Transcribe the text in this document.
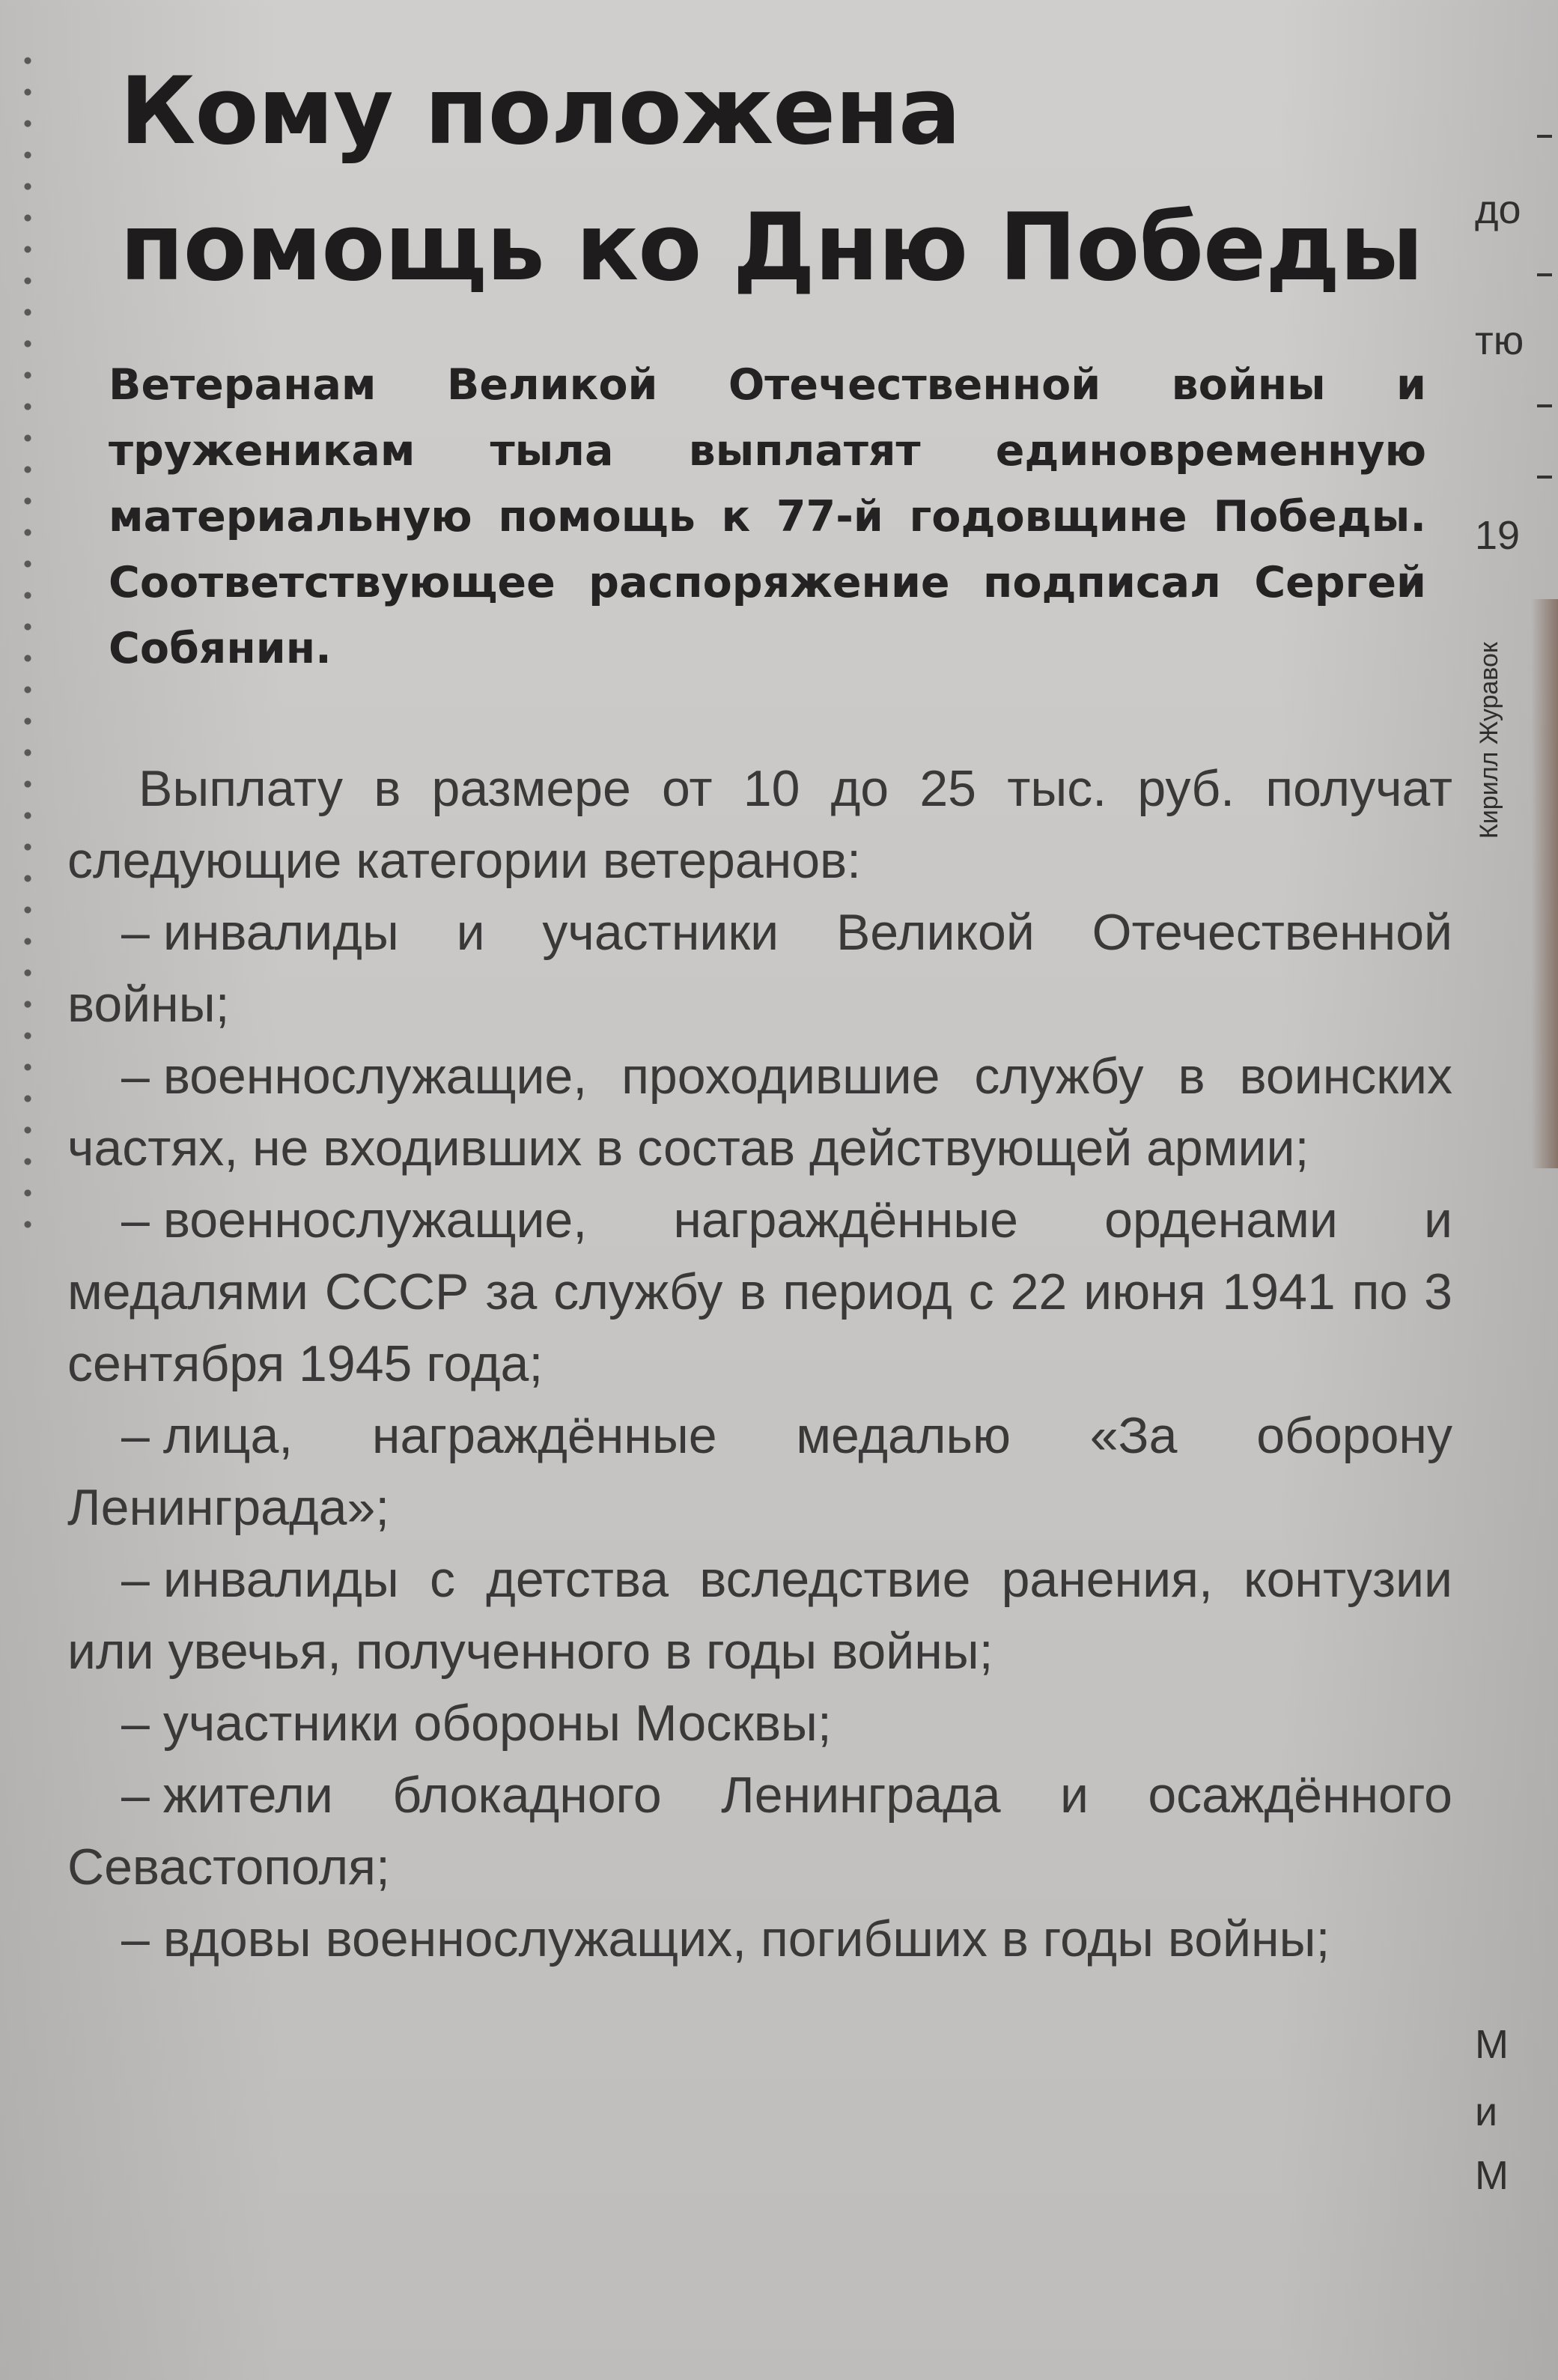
Кому положена
помощь ко Дню Победы

Ветеранам Великой Отечественной войны и труженикам тыла выплатят единовременную материальную помощь к 77-й годовщине Победы. Соответствующее распоряжение подписал Сергей Собянин.

Выплату в размере от 10 до 25 тыс. руб. получат следующие категории ветеранов:

– инвалиды и участники Великой Отечественной войны;
– военнослужащие, проходившие службу в воинских частях, не входивших в состав действующей армии;
– военнослужащие, награждённые орденами и медалями СССР за службу в период с 22 июня 1941 по 3 сентября 1945 года;
– лица, награждённые медалью «За оборону Ленинграда»;
– инвалиды с детства вследствие ранения, контузии или увечья, полученного в годы войны;
– участники обороны Москвы;
– жители блокадного Ленинграда и осаждённого Севастополя;
– вдовы военнослужащих, погибших в годы войны;
до
тю
19
М
и
М
Кирилл Журавок
